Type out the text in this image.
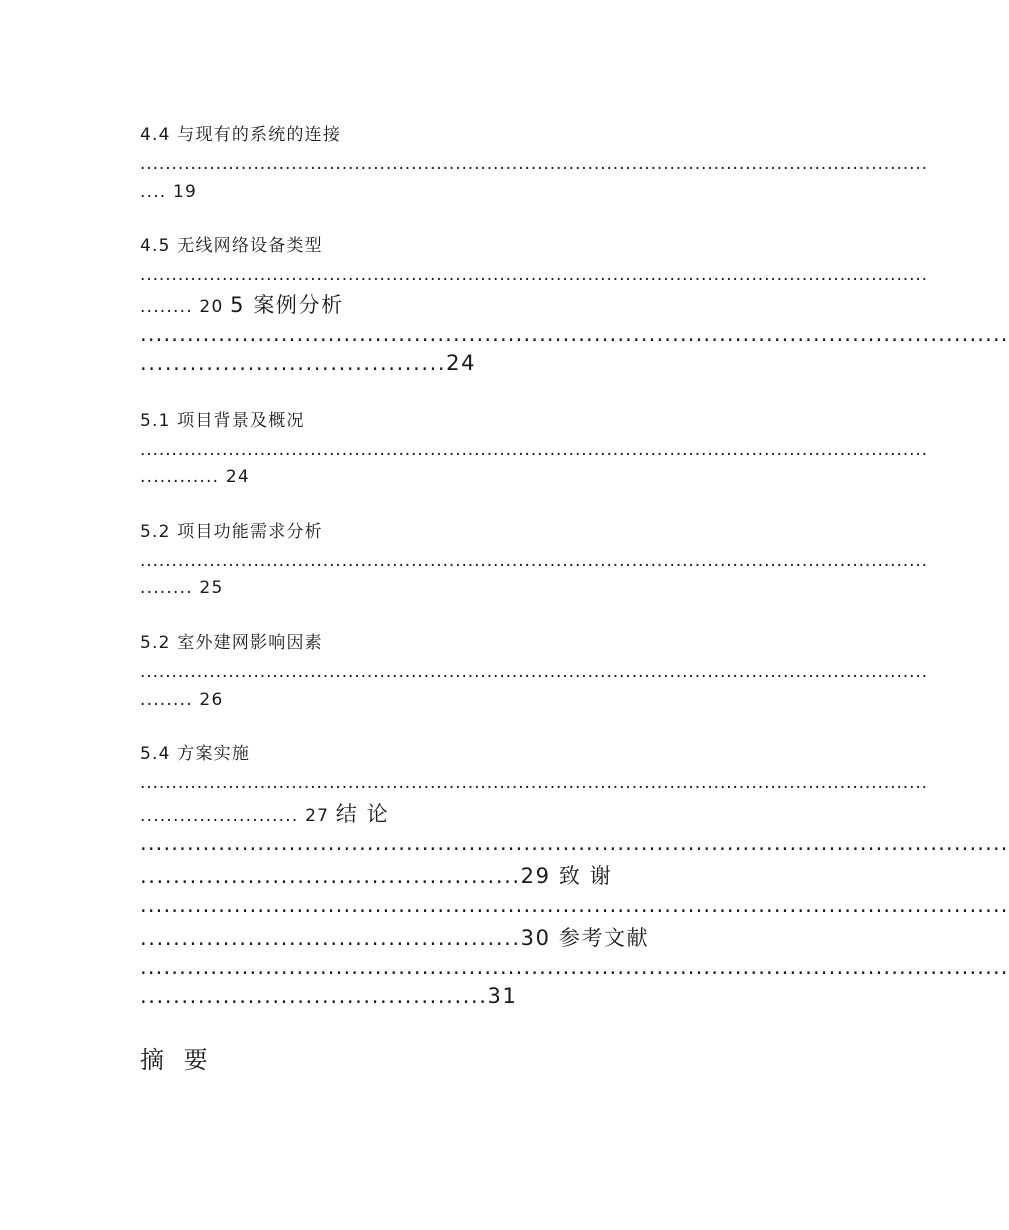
4.4 与现有的系统的连接
.............................................................................................................................
.... 19
4.5 无线网络设备类型
.............................................................................................................................
........ 20 5 案例分析
...............................................................................................................
.....................................24
5.1 项目背景及概况
.............................................................................................................................
............ 24
5.2 项目功能需求分析
.............................................................................................................................
........ 25
5.2 室外建网影响因素
.............................................................................................................................
........ 26
5.4 方案实施
.............................................................................................................................
........................ 27 结 论
...............................................................................................................
..............................................29 致 谢
...............................................................................................................
..............................................30 参考文献
...............................................................................................................
..........................................31
摘 要
